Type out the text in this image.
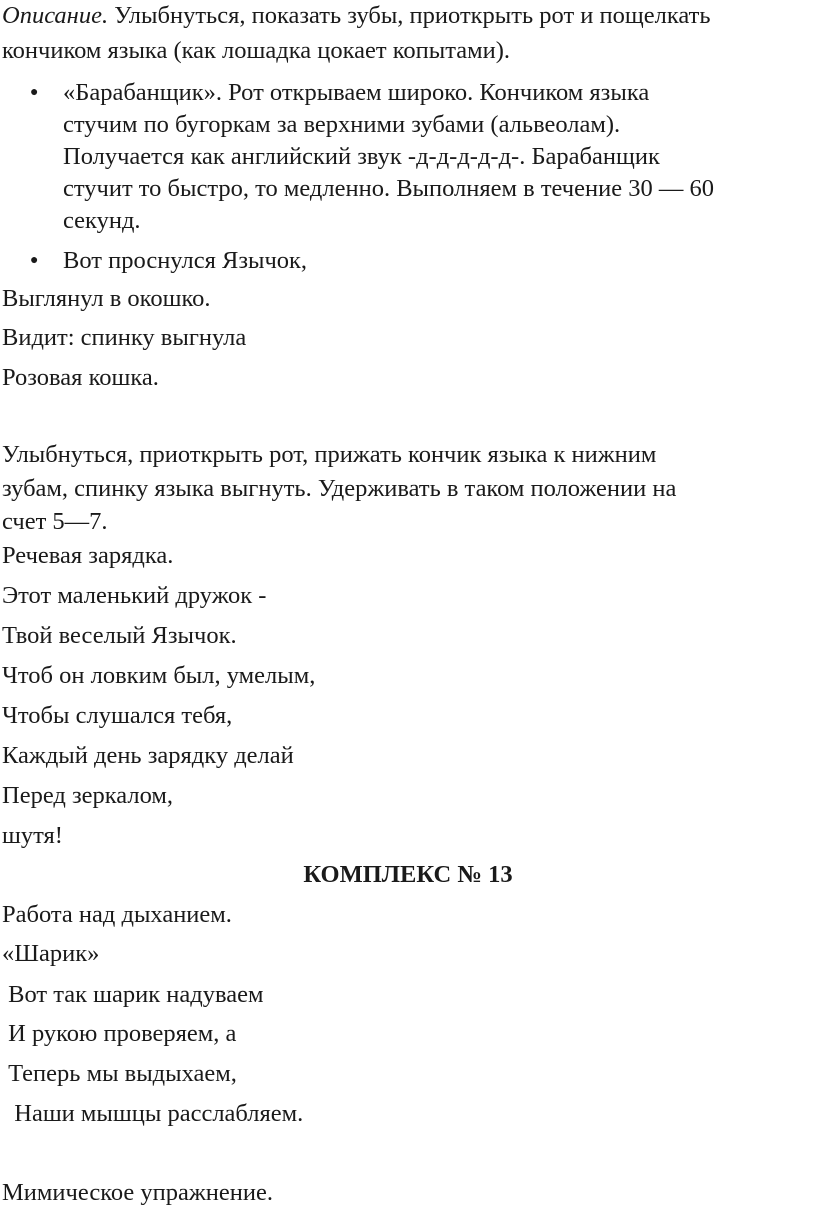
Описание. Улыбнуться, показать зубы, приоткрыть рот и пощелкать
кончиком языка (как лошадка цокает копытами).
● «Барабанщик». Рот открываем широко. Кончиком языка
стучим по бугоркам за верхними зубами (альвеолам).
Получается как английский звук -д-д-д-д-д-. Барабанщик
стучит то быстро, то медленно. Выполняем в течение 30 — 60
секунд.
● Вот проснулся Язычок,
Выглянул в окошко.
Видит: спинку выгнула
Розовая кошка.
Улыбнуться, приоткрыть рот, прижать кончик языка к нижним
зубам, спинку языка выгнуть. Удерживать в таком положении на
счет 5—7.
Речевая зарядка.
Этот маленький дружок -
Твой веселый Язычок.
Чтоб он ловким был, умелым,
Чтобы слушался тебя,
Каждый день зарядку делай
Перед зеркалом,
шутя!
КОМПЛЕКС № 13
Работа над дыханием.
«Шарик»
Вот так шарик надуваем
И рукою проверяем, а
Теперь мы выдыхаем,
Наши мышцы расслабляем.
Мимическое упражнение.
